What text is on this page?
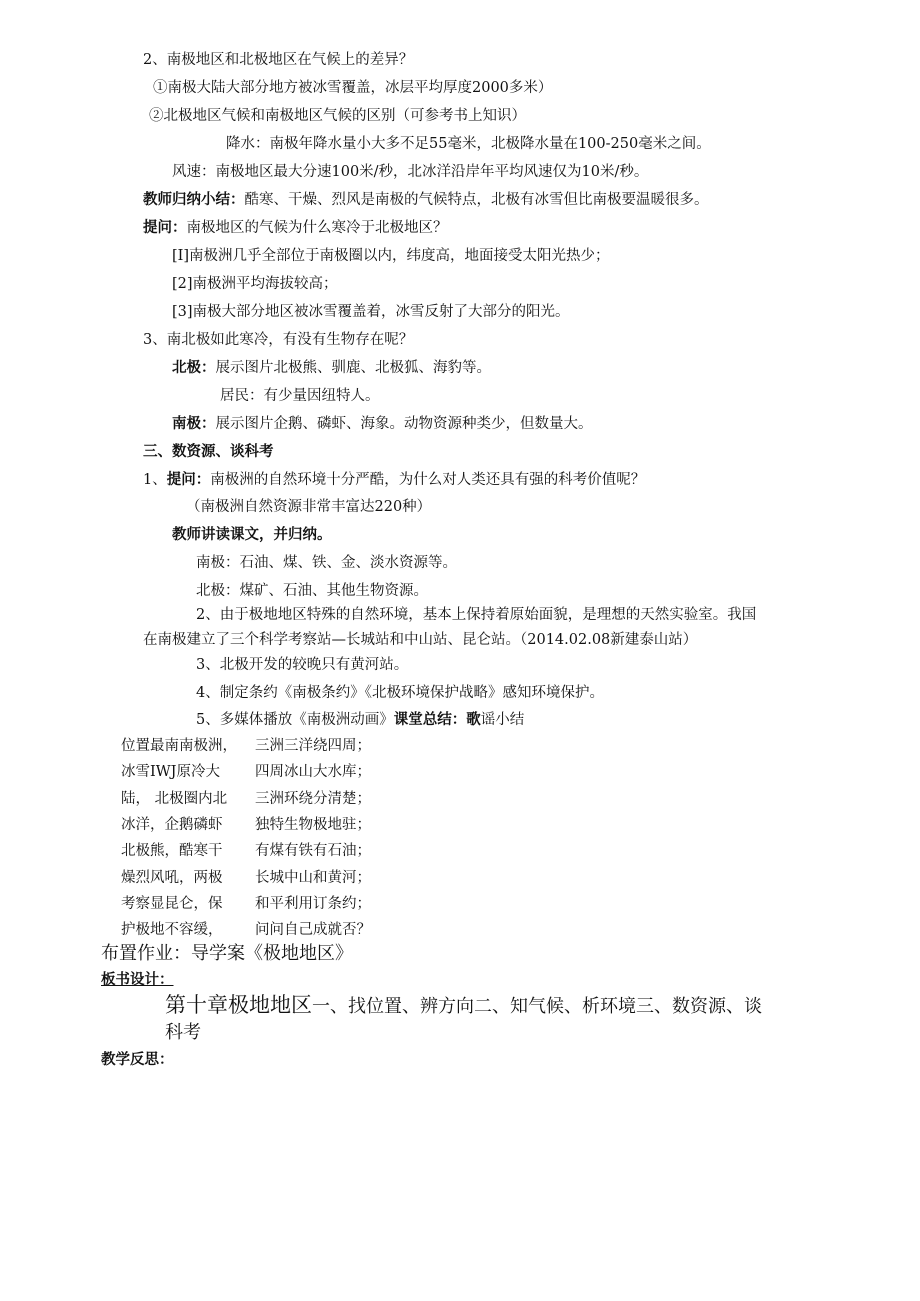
2、南极地区和北极地区在气候上的差异？
①南极大陆大部分地方被冰雪覆盖，冰层平均厚度2000多米）
②北极地区气候和南极地区气候的区别（可参考书上知识）
降水：南极年降水量小大多不足55毫米，北极降水量在100-250毫米之间。
风速：南极地区最大分速100米/秒，北冰洋沿岸年平均风速仅为10米/秒。
教师归纳小结：酷寒、干燥、烈风是南极的气候特点，北极有冰雪但比南极要温暖很多。
提问：南极地区的气候为什么寒冷于北极地区？
[I]南极洲几乎全部位于南极圈以内，纬度高，地面接受太阳光热少；
[2]南极洲平均海拔较高；
[3]南极大部分地区被冰雪覆盖着，冰雪反射了大部分的阳光。
3、南北极如此寒冷，有没有生物存在呢？
北极：展示图片北极熊、驯鹿、北极狐、海豹等。
居民：有少量因纽特人。
南极：展示图片企鹅、磷虾、海象。动物资源种类少，但数量大。
三、数资源、谈科考
1、提问：南极洲的自然环境十分严酷，为什么对人类还具有强的科考价值呢？
（南极洲自然资源非常丰富达220种）
教师讲读课文，并归纳。
南极：石油、煤、铁、金、淡水资源等。
北极：煤矿、石油、其他生物资源。
2、由于极地地区特殊的自然环境，基本上保持着原始面貌，是理想的天然实验室。我国
在南极建立了三个科学考察站—长城站和中山站、昆仑站。（2014.02.08新建泰山站）
3、北极开发的较晚只有黄河站。
4、制定条约《南极条约》《北极环境保护战略》感知环境保护。
5、多媒体播放《南极洲动画》课堂总结：歌谣小结
位置最南南极洲， 三洲三洋绕四周；
冰雪IWJ原冷大 四周冰山大水库；
陆， 北极圈内北 三洲环绕分清楚；
冰洋，企鹅磷虾 独特生物极地驻；
北极熊，酷寒干 有煤有铁有石油；
燥烈风吼，两极 长城中山和黄河；
考察显昆仑，保 和平利用订条约；
护极地不容缓， 问问自己成就否？
布置作业：导学案《极地地区》
板书设计：
第十章极地地区一、找位置、辨方向二、知气候、析环境三、数资源、谈
科考
教学反思：
